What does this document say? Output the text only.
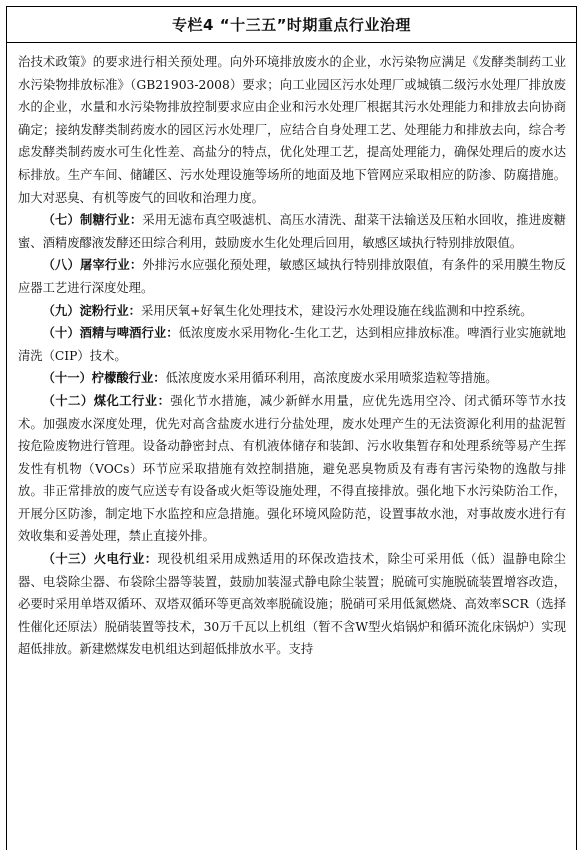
专栏4 “十三五”时期重点行业治理

治技术政策》的要求进行相关预处理。向外环境排放废水的企业，水污染物应满足《发酵类制药工业水污染物排放标准》（GB21903-2008）要求；向工业园区污水处理厂或城镇二级污水处理厂排放废水的企业，水量和水污染物排放控制要求应由企业和污水处理厂根据其污水处理能力和排放去向协商确定；接纳发酵类制药废水的园区污水处理厂，应结合自身处理工艺、处理能力和排放去向，综合考虑发酵类制药废水可生化性差、高盐分的特点，优化处理工艺，提高处理能力，确保处理后的废水达标排放。生产车间、储罐区、污水处理设施等场所的地面及地下管网应采取相应的防渗、防腐措施。加大对恶臭、有机等废气的回收和治理力度。

（七）制糖行业：采用无滤布真空吸滤机、高压水清洗、甜菜干法输送及压粕水回收，推进废糖蜜、酒精废醪液发酵还田综合利用，鼓励废水生化处理后回用，敏感区域执行特别排放限值。

（八）屠宰行业：外排污水应强化预处理，敏感区域执行特别排放限值，有条件的采用膜生物反应器工艺进行深度处理。

（九）淀粉行业：采用厌氧+好氧生化处理技术，建设污水处理设施在线监测和中控系统。

（十）酒精与啤酒行业：低浓度废水采用物化-生化工艺，达到相应排放标准。啤酒行业实施就地清洗（CIP）技术。

（十一）柠檬酸行业：低浓度废水采用循环利用，高浓度废水采用喷浆造粒等措施。

（十二）煤化工行业：强化节水措施，减少新鲜水用量，应优先选用空冷、闭式循环等节水技术。加强废水深度处理，优先对高含盐废水进行分盐处理，废水处理产生的无法资源化利用的盐泥暂按危险废物进行管理。设备动静密封点、有机液体储存和装卸、污水收集暂存和处理系统等易产生挥发性有机物（VOCs）环节应采取措施有效控制措施，避免恶臭物质及有毒有害污染物的逸散与排放。非正常排放的废气应送专有设备或火炬等设施处理，不得直接排放。强化地下水污染防治工作，开展分区防渗，制定地下水监控和应急措施。强化环境风险防范，设置事故水池，对事故废水进行有效收集和妥善处理，禁止直接外排。

（十三）火电行业：现役机组采用成熟适用的环保改造技术，除尘可采用低（低）温静电除尘器、电袋除尘器、布袋除尘器等装置，鼓励加装湿式静电除尘装置；脱硫可实施脱硫装置增容改造，必要时采用单塔双循环、双塔双循环等更高效率脱硫设施；脱硝可采用低氮燃烧、高效率SCR（选择性催化还原法）脱硝装置等技术，30万千瓦以上机组（暂不含W型火焰锅炉和循环流化床锅炉）实现超低排放。新建燃煤发电机组达到超低排放水平。支持
